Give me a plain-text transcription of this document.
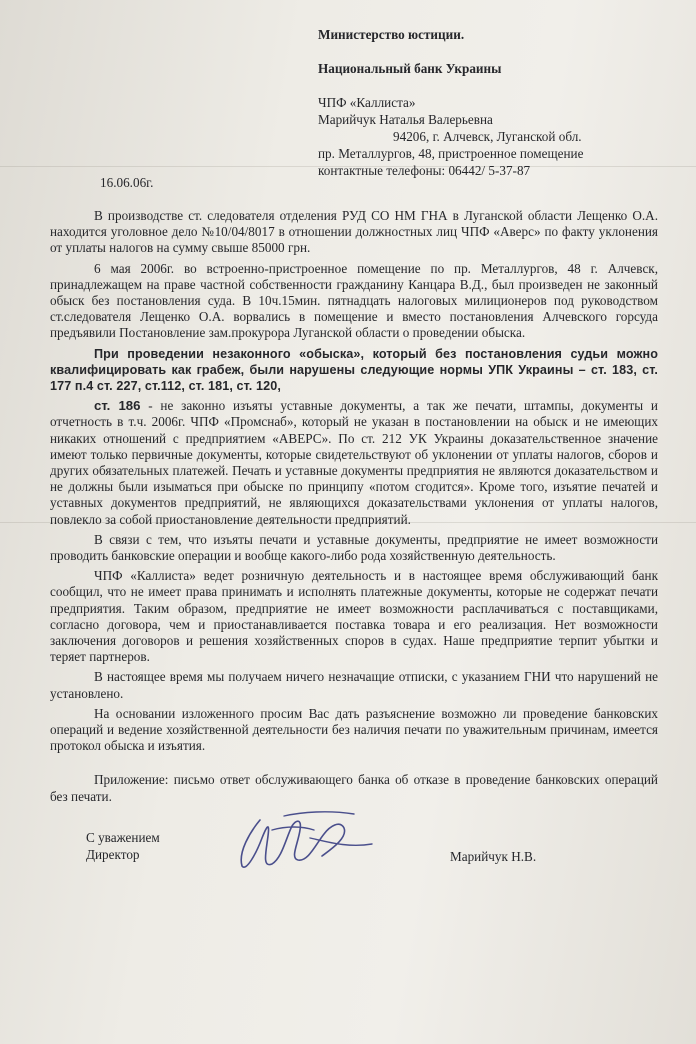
Министерство юстиции.
Национальный банк Украины
ЧПФ «Каллиста»
Марийчук Наталья Валерьевна
94206, г. Алчевск, Луганской обл.
пр. Металлургов, 48, пристроенное помещение
контактные телефоны: 06442/ 5-37-87
16.06.06г.

В производстве ст. следователя отделения РУД СО НМ ГНА в Луганской области Лещенко О.А. находится уголовное дело №10/04/8017 в отношении должностных лиц ЧПФ «Аверс» по факту уклонения от уплаты налогов на сумму свыше 85000 грн.

6 мая 2006г. во встроенно-пристроенное помещение по пр. Металлургов, 48 г. Алчевск, принадлежащем на праве частной собственности гражданину Канцара В.Д., был произведен не законный обыск без постановления суда. В 10ч.15мин. пятнадцать налоговых милиционеров под руководством ст.следователя Лещенко О.А. ворвались в помещение и вместо постановления Алчевского горсуда предъявили Постановление зам.прокурора Луганской области о проведении обыска.

При проведении незаконного «обыска», который без постановления судьи можно квалифицировать как грабеж, были нарушены следующие нормы УПК Украины – ст. 183, ст. 177 п.4 ст. 227, ст.112, ст. 181, ст. 120,

ст. 186 - не законно изъяты уставные документы, а так же печати, штампы, документы и отчетность в т.ч. 2006г. ЧПФ «Промснаб», который не указан в постановлении на обыск и не имеющих никаких отношений с предприятием «АВЕРС». По ст. 212 УК Украины доказательственное значение имеют только первичные документы, которые свидетельствуют об уклонении от уплаты налогов, сборов и других обязательных платежей. Печать и уставные документы предприятия не являются доказательством и не должны были изыматься при обыске по принципу «потом сгодится». Кроме того, изъятие печатей и уставных документов предприятий, не являющихся доказательствами уклонения от уплаты налогов, повлекло за собой приостановление деятельности предприятий.

В связи с тем, что изъяты печати и уставные документы, предприятие не имеет возможности проводить банковские операции и вообще какого-либо рода хозяйственную деятельность.

ЧПФ «Каллиста» ведет розничную деятельность и в настоящее время обслуживающий банк сообщил, что не имеет права принимать и исполнять платежные документы, которые не содержат печати предприятия. Таким образом, предприятие не имеет возможности расплачиваться с поставщиками, согласно договора, чем и приостанавливается поставка товара и его реализация. Нет возможности заключения договоров и решения хозяйственных споров в судах. Наше предприятие терпит убытки и теряет партнеров.

В настоящее время мы получаем ничего незначащие отписки, с указанием ГНИ что нарушений не установлено.

На основании изложенного просим Вас дать разъяснение возможно ли проведение банковских операций и ведение хозяйственной деятельности без наличия печати по уважительным причинам, имеется протокол обыска и изъятия.

Приложение: письмо ответ обслуживающего банка об отказе в проведение банковских операций без печати.

С уважением
Директор	Марийчук Н.В.
